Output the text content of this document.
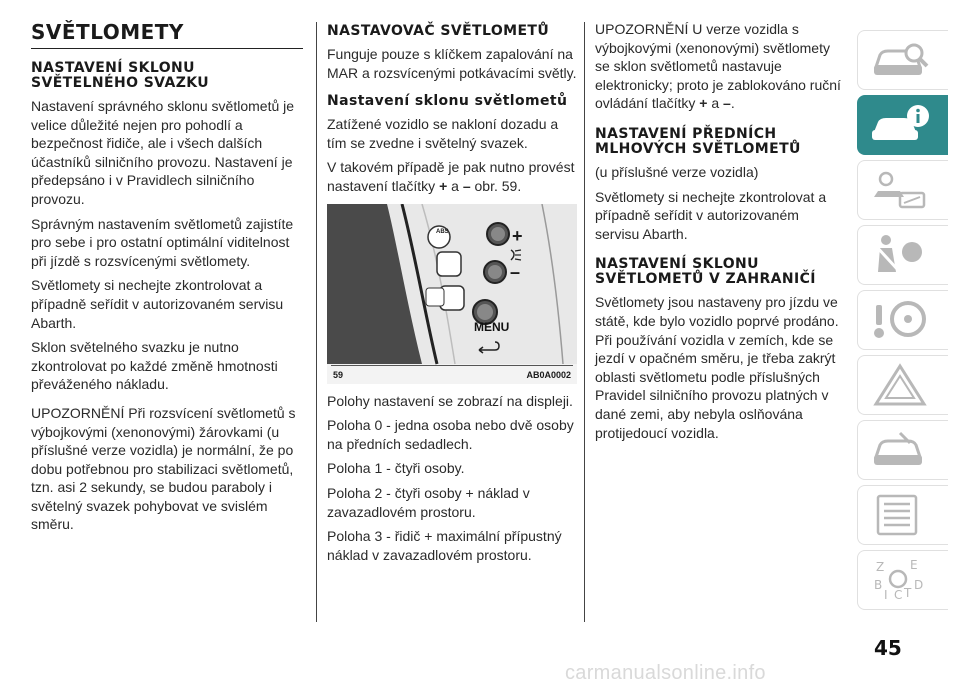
SVĚTLOMETY
NASTAVENÍ SKLONU SVĚTELNÉHO SVAZKU

Nastavení správného sklonu světlometů je velice důležité nejen pro pohodlí a bezpečnost řidiče, ale i všech dalších účastníků silničního provozu. Nastavení je předepsáno i v Pravidlech silničního provozu.

Správným nastavením světlometů zajistíte pro sebe i pro ostatní optimální viditelnost při jízdě s rozsvícenými světlomety.

Světlomety si nechejte zkontrolovat a případně seřídit v autorizovaném servisu Abarth.

Sklon světelného svazku je nutno zkontrolovat po každé změně hmotnosti převáženého nákladu.

UPOZORNĚNÍ Při rozsvícení světlometů s výbojkovými (xenonovými) žárovkami (u příslušné verze vozidla) je normální, že po dobu potřebnou pro stabilizaci světlometů, tzn. asi 2 sekundy, se budou paraboly i světelný svazek pohybovat ve svislém směru.

NASTAVOVAČ SVĚTLOMETŮ

Funguje pouze s klíčkem zapalování na MAR a rozsvícenými potkávacími světly.

Nastavení sklonu světlometů

Zatížené vozidlo se nakloní dozadu a tím se zvedne i světelný svazek.

V takovém případě je pak nutno provést nastavení tlačítky + a – obr. 59.

ABS	+
–
MENU
59	AB0A0002

Polohy nastavení se zobrazí na displeji.

Poloha 0 - jedna osoba nebo dvě osoby na předních sedadlech.

Poloha 1 - čtyři osoby.

Poloha 2 - čtyři osoby + náklad v zavazadlovém prostoru.

Poloha 3 - řidič + maximální přípustný náklad v zavazadlovém prostoru.

UPOZORNĚNÍ U verze vozidla s výbojkovými (xenonovými) světlomety se sklon světlometů nastavuje elektronicky; proto je zablokováno ruční ovládání tlačítky + a –.

NASTAVENÍ PŘEDNÍCH MLHOVÝCH SVĚTLOMETŮ

(u příslušné verze vozidla)

Světlomety si nechejte zkontrolovat a případně seřídit v autorizovaném servisu Abarth.

NASTAVENÍ SKLONU SVĚTLOMETŮ V ZAHRANIČÍ

Světlomety jsou nastaveny pro jízdu ve státě, kde bylo vozidlo poprvé prodáno. Při používání vozidla v zemích, kde se jezdí v opačném směru, je třeba zakrýt oblasti světlometu podle příslušných Pravidel silničního provozu platných v dané zemi, aby nebyla oslňována protijedoucí vozidla.

Z E
B	D
I C T
45
carmanualsonline.info
